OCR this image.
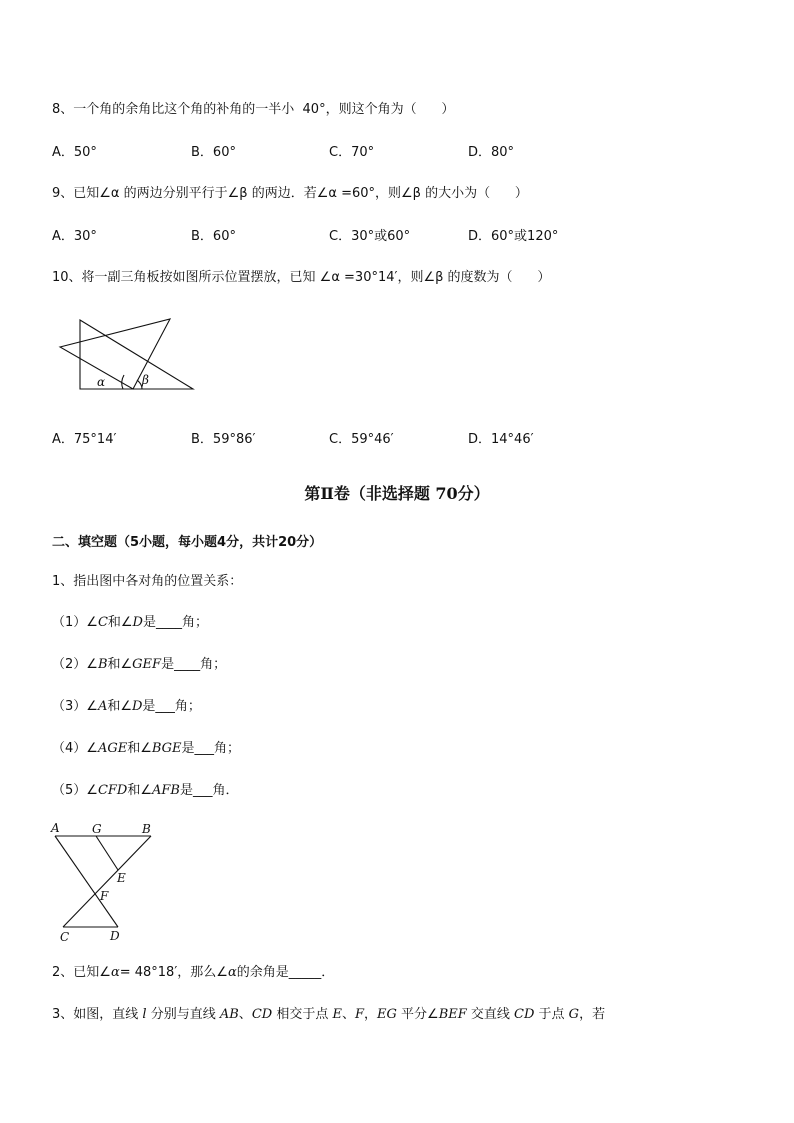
8、一个角的余角比这个角的补角的一半小  40°，则这个角为（      ）
A．50°	B．60°	C．70°	D．80°
9、已知∠α 的两边分别平行于∠β 的两边．若∠α =60°，则∠β 的大小为（      ）
A．30°	B．60°	C．30°或60°	D．60°或120°
10、将一副三角板按如图所示位置摆放，已知 ∠α =30°14′，则∠β 的度数为（      ）
α	β
A．75°14′	B．59°86′	C．59°46′	D．14°46′
第Ⅱ卷（非选择题 70分）
二、填空题（5小题，每小题4分，共计20分）
1、指出图中各对角的位置关系：
（1）∠C和∠D是____角；
（2）∠B和∠GEF是____角；
（3）∠A和∠D是___角；
（4）∠AGE和∠BGE是___角；
（5）∠CFD和∠AFB是___角．
A	G	B
E
F
C	D
2、已知∠α= 48°18′，那么∠α的余角是_____．
3、如图，直线 l 分别与直线 AB、CD 相交于点 E、F，EG 平分∠BEF 交直线 CD 于点 G，若
